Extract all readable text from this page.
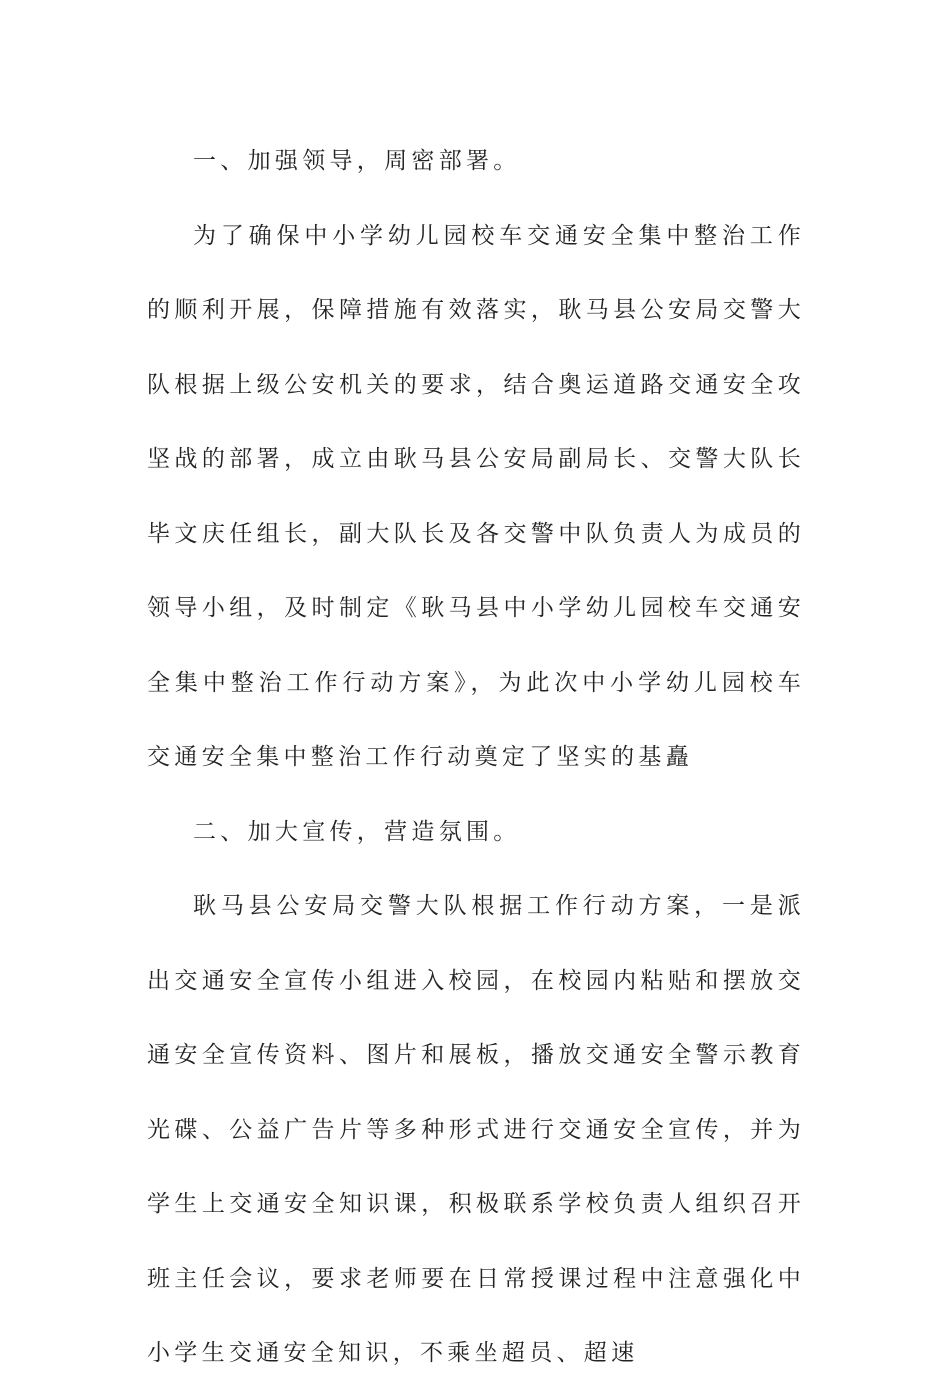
一、加强领导，周密部署。

为了确保中小学幼儿园校车交通安全集中整治工作的顺利开展，保障措施有效落实，耿马县公安局交警大队根据上级公安机关的要求，结合奥运道路交通安全攻坚战的部署，成立由耿马县公安局副局长、交警大队长毕文庆任组长，副大队长及各交警中队负责人为成员的领导小组，及时制定《耿马县中小学幼儿园校车交通安全集中整治工作行动方案》，为此次中小学幼儿园校车交通安全集中整治工作行动奠定了坚实的基矗

二、加大宣传，营造氛围。

耿马县公安局交警大队根据工作行动方案，一是派出交通安全宣传小组进入校园，在校园内粘贴和摆放交通安全宣传资料、图片和展板，播放交通安全警示教育光碟、公益广告片等多种形式进行交通安全宣传，并为学生上交通安全知识课，积极联系学校负责人组织召开班主任会议，要求老师要在日常授课过程中注意强化中小学生交通安全知识，不乘坐超员、超速
